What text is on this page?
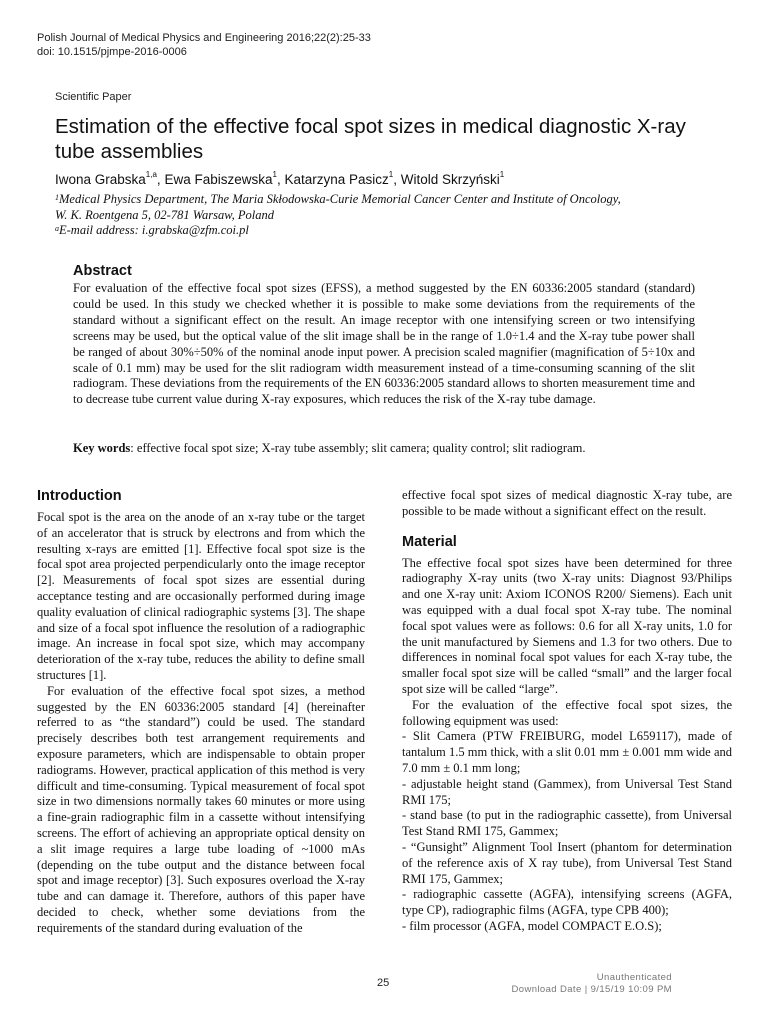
Polish Journal of Medical Physics and Engineering 2016;22(2):25-33
doi: 10.1515/pjmpe-2016-0006
Scientific Paper
Estimation of the effective focal spot sizes in medical diagnostic X-ray tube assemblies
Iwona Grabska$^{1,a}$, Ewa Fabiszewska$^1$, Katarzyna Pasicz$^1$, Witold Skrzyński$^1$
$^1$Medical Physics Department, The Maria Skłodowska-Curie Memorial Cancer Center and Institute of Oncology,
W. K. Roentgena 5, 02-781 Warsaw, Poland
$^a$E-mail address: i.grabska@zfm.coi.pl
Abstract
For evaluation of the effective focal spot sizes (EFSS), a method suggested by the EN 60336:2005 standard (standard) could be used. In this study we checked whether it is possible to make some deviations from the requirements of the standard without a significant effect on the result. An image receptor with one intensifying screen or two intensifying screens may be used, but the optical value of the slit image shall be in the range of 1.0÷1.4 and the X-ray tube power shall be ranged of about 30%÷50% of the nominal anode input power. A precision scaled magnifier (magnification of 5÷10x and scale of 0.1 mm) may be used for the slit radiogram width measurement instead of a time-consuming scanning of the slit radiogram. These deviations from the requirements of the EN 60336:2005 standard allows to shorten measurement time and to decrease tube current value during X-ray exposures, which reduces the risk of the X-ray tube damage.
Key words: effective focal spot size; X-ray tube assembly; slit camera; quality control; slit radiogram.
Introduction

Focal spot is the area on the anode of an x-ray tube or the target of an accelerator that is struck by electrons and from which the resulting x-rays are emitted [1]. Effective focal spot size is the focal spot area projected perpendicularly onto the image receptor [2]. Measurements of focal spot sizes are essential during acceptance testing and are occasionally performed during image quality evaluation of clinical radiographic systems [3]. The shape and size of a focal spot influence the resolution of a radiographic image. An increase in focal spot size, which may accompany deterioration of the x-ray tube, reduces the ability to define small structures [1].

For evaluation of the effective focal spot sizes, a method suggested by the EN 60336:2005 standard [4] (hereinafter referred to as “the standard”) could be used. The standard precisely describes both test arrangement requirements and exposure parameters, which are indispensable to obtain proper radiograms. However, practical application of this method is very difficult and time-consuming. Typical measurement of focal spot size in two dimensions normally takes 60 minutes or more using a fine-grain radiographic film in a cassette without intensifying screens. The effort of achieving an appropriate optical density on a slit image requires a large tube loading of ~1000 mAs (depending on the tube output and the distance between focal spot and image receptor) [3]. Such exposures overload the X-ray tube and can damage it. Therefore, authors of this paper have decided to check, whether some deviations from the requirements of the standard during evaluation of the

effective focal spot sizes of medical diagnostic X-ray tube, are possible to be made without a significant effect on the result.

Material

The effective focal spot sizes have been determined for three radiography X-ray units (two X-ray units: Diagnost 93/Philips and one X-ray unit: Axiom ICONOS R200/ Siemens). Each unit was equipped with a dual focal spot X-ray tube. The nominal focal spot values were as follows: 0.6 for all X-ray units, 1.0 for the unit manufactured by Siemens and 1.3 for two others. Due to differences in nominal focal spot values for each X-ray tube, the smaller focal spot size will be called “small” and the larger focal spot size will be called “large”.

For the evaluation of the effective focal spot sizes, the following equipment was used:

- Slit Camera (PTW FREIBURG, model L659117), made of tantalum 1.5 mm thick, with a slit 0.01 mm ± 0.001 mm wide and 7.0 mm ± 0.1 mm long;

- adjustable height stand (Gammex), from Universal Test Stand RMI 175;

- stand base (to put in the radiographic cassette), from Universal Test Stand RMI 175, Gammex;

- “Gunsight” Alignment Tool Insert (phantom for determination of the reference axis of X ray tube), from Universal Test Stand RMI 175, Gammex;

- radiographic cassette (AGFA), intensifying screens (AGFA, type CP), radiographic films (AGFA, type CPB 400);

- film processor (AGFA, model COMPACT E.O.S);

25	Unauthenticated
Download Date | 9/15/19 10:09 PM
